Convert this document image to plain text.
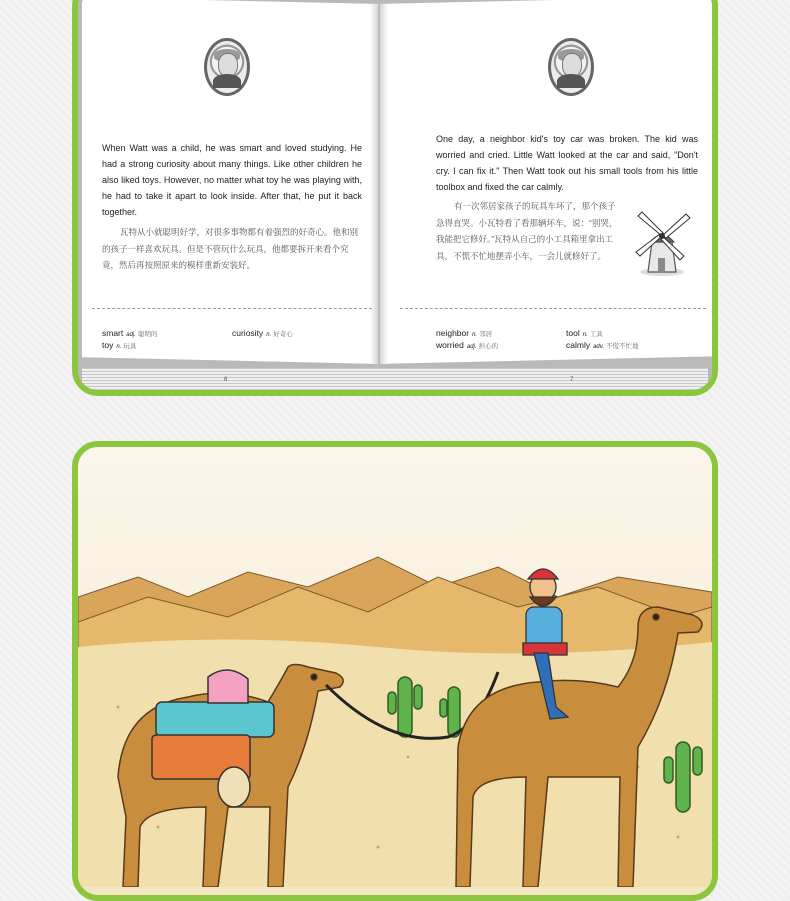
When Watt was a child, he was smart and loved studying. He had a strong curiosity about many things. Like other children he also liked toys. However, no matter what toy he was playing with, he had to take it apart to look inside. After that, he put it back together.
瓦特从小就聪明好学，对很多事物都有着强烈的好奇心。他和别的孩子一样喜欢玩具。但是不管玩什么玩具，他都要拆开来看个究竟，然后再按照原来的模样重新安装好。
One day, a neighbor kid's toy car was broken. The kid was worried and cried. Little Watt looked at the car and said, "Don't cry. I can fix it." Then Watt took out his small tools from his little toolbox and fixed the car calmly.
有一次邻居家孩子的玩具车坏了，那个孩子急得直哭。小瓦特看了看那辆坏车，说：“别哭，我能把它修好。”瓦特从自己的小工具箱里拿出工具，不慌不忙地摆弄小车，一会儿就修好了。
smart adj. 聪明的	curiosity n. 好奇心
toy n. 玩具
neighbor n. 邻居	tool n. 工具
worried adj. 担心的	calmly adv. 不慌不忙地
6	7
